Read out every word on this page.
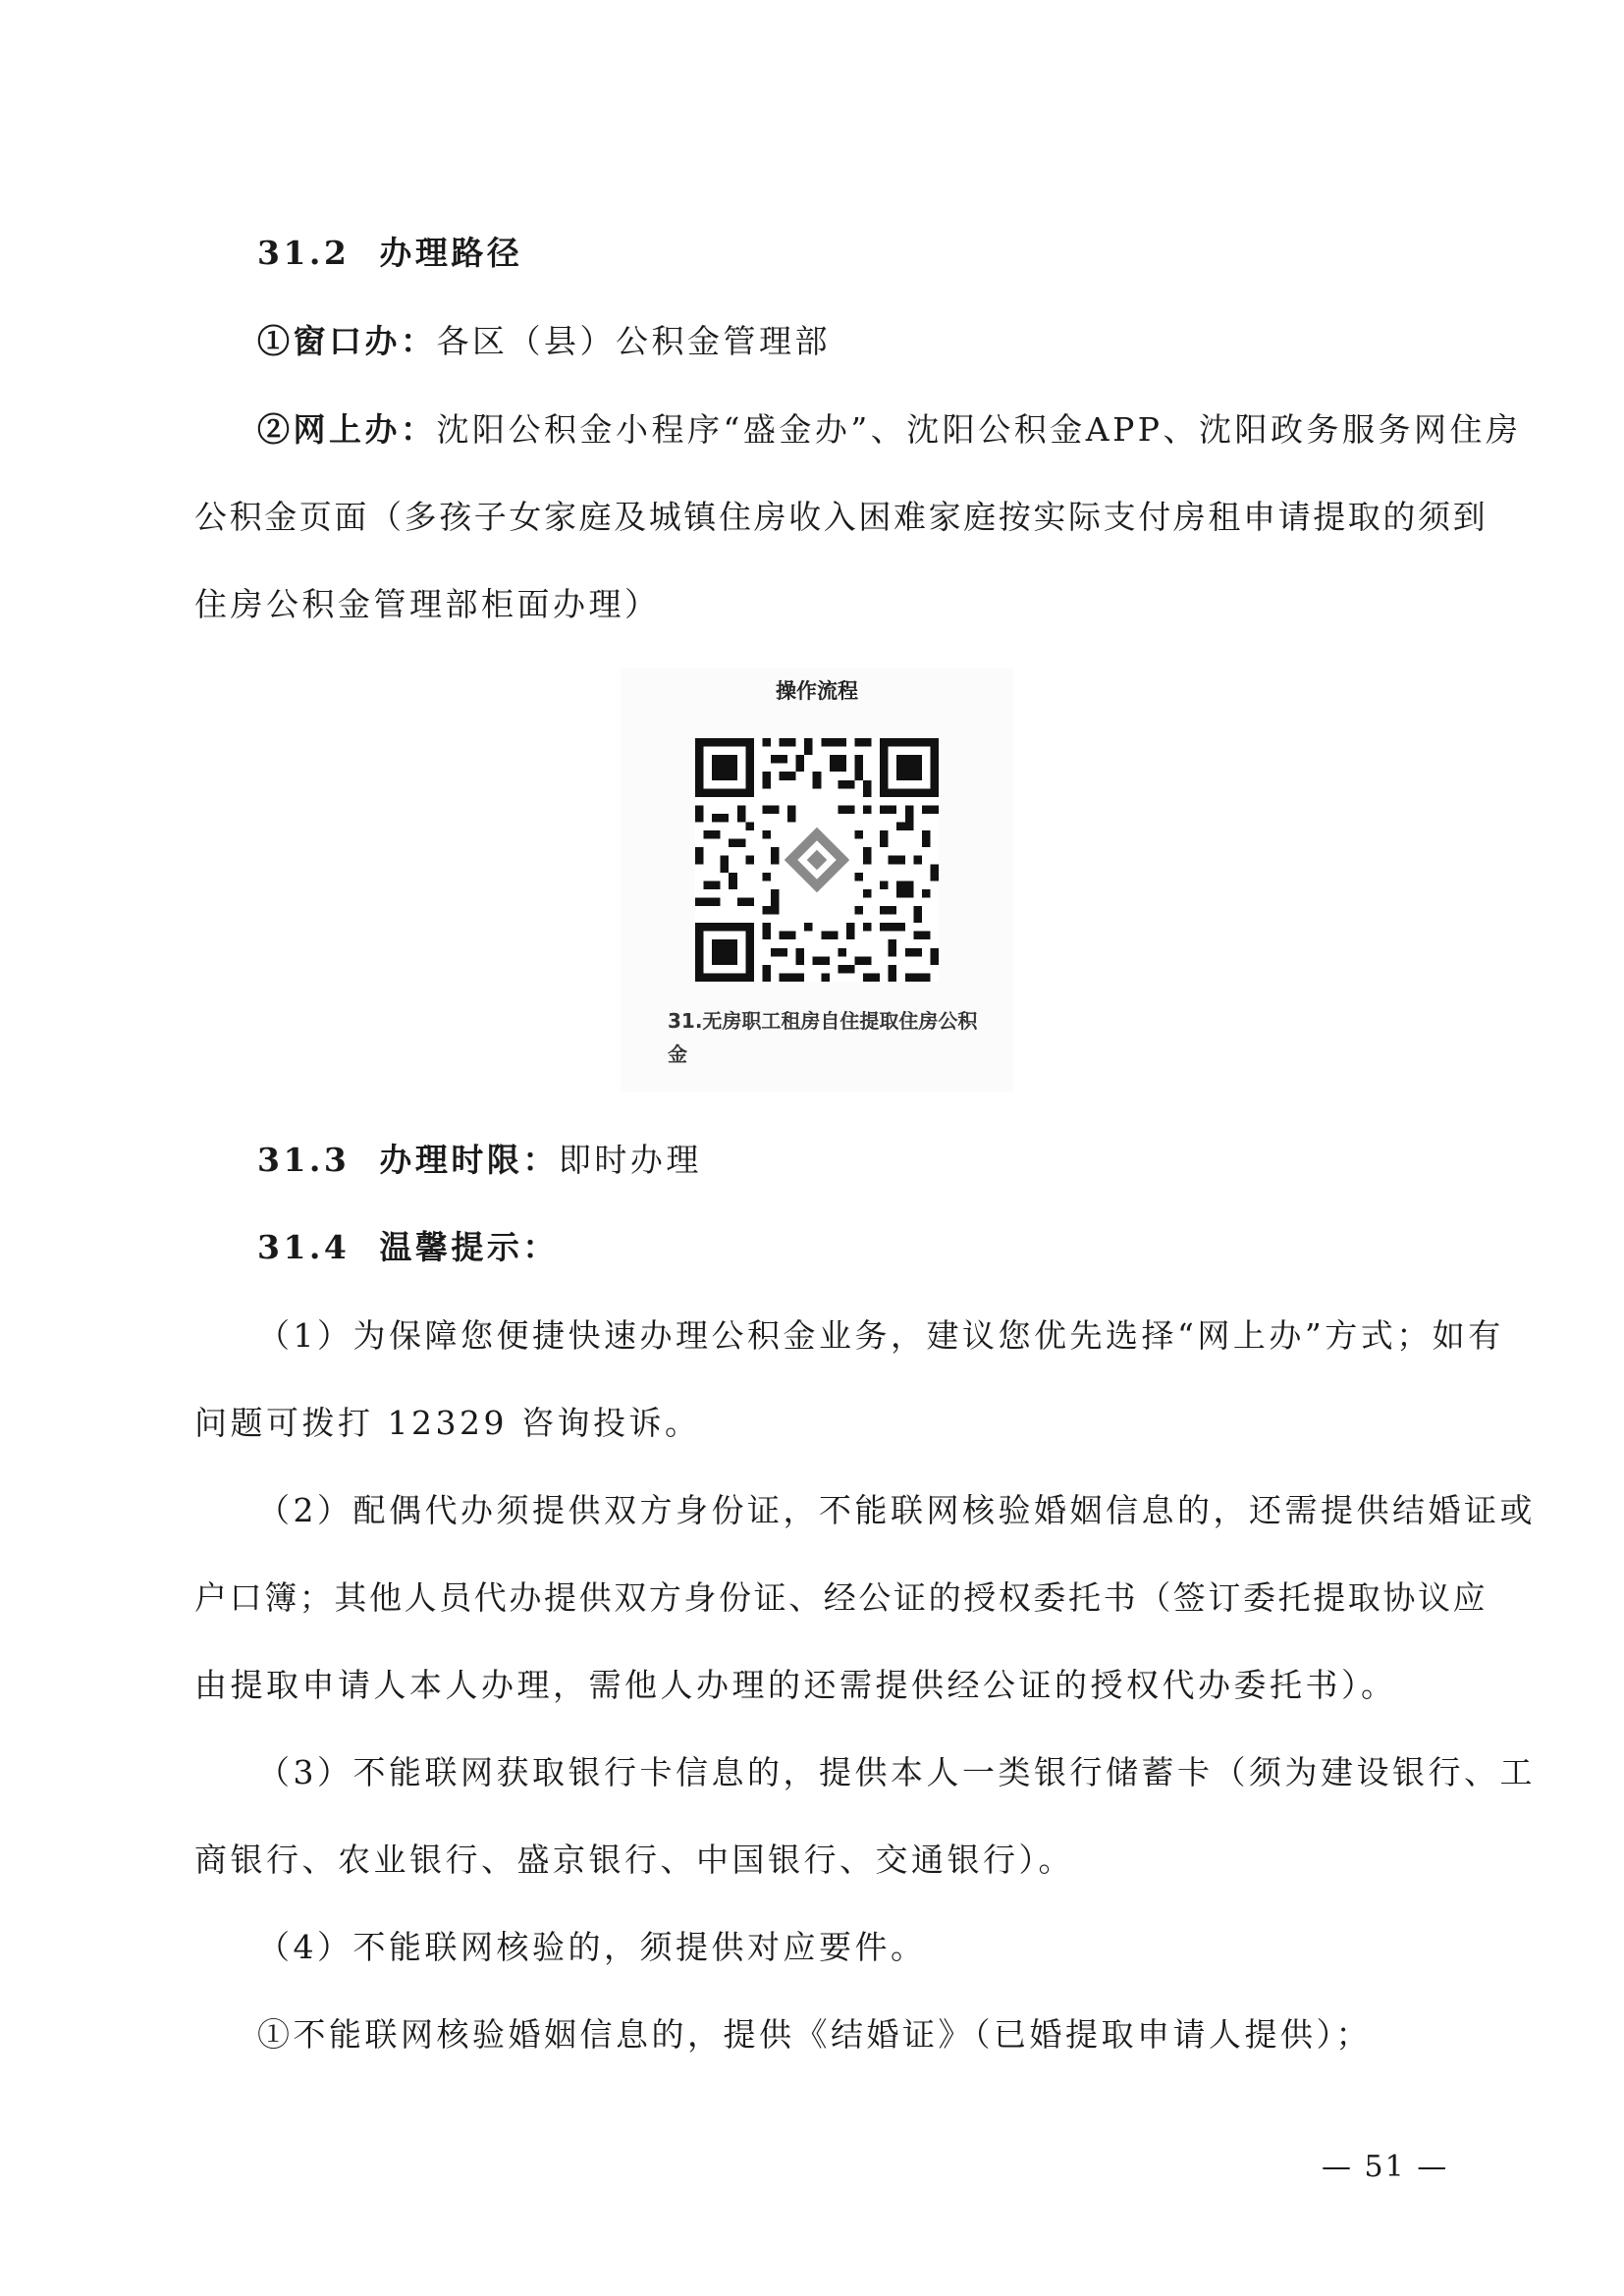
31.2 办理路径
①窗口办：各区（县）公积金管理部
②网上办：沈阳公积金小程序“盛金办”、沈阳公积金APP、沈阳政务服务网住房
公积金页面（多孩子女家庭及城镇住房收入困难家庭按实际支付房租申请提取的须到
住房公积金管理部柜面办理）
操作流程
31.无房职工租房自住提取住房公积金
31.3 办理时限：即时办理
31.4 温馨提示：
（1）为保障您便捷快速办理公积金业务，建议您优先选择“网上办”方式；如有
问题可拨打 12329 咨询投诉。
（2）配偶代办须提供双方身份证，不能联网核验婚姻信息的，还需提供结婚证或
户口簿；其他人员代办提供双方身份证、经公证的授权委托书（签订委托提取协议应
由提取申请人本人办理，需他人办理的还需提供经公证的授权代办委托书）。
（3）不能联网获取银行卡信息的，提供本人一类银行储蓄卡（须为建设银行、工
商银行、农业银行、盛京银行、中国银行、交通银行）。
（4）不能联网核验的，须提供对应要件。
①不能联网核验婚姻信息的，提供《结婚证》（已婚提取申请人提供）；
— 51 —
